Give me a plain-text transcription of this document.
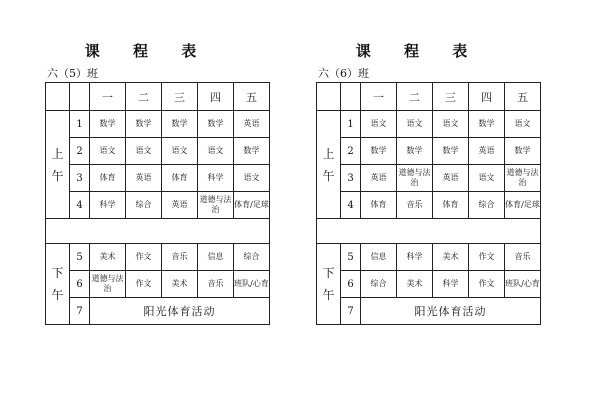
课 程 表
六（5）班
		一	二	三	四	五

上
午	1	数学	数学	数学	数学	英语
	2	语文	语文	语文	语文	数学
	3	体育	英语	体育	科学	语文
	4	科学	综合	英语	道德与法治	体育/足球

下
午	5	美术	作文	音乐	信息	综合
	6	道德与法治	作文	美术	音乐	班队/心育
	7	阳光体育活动				
课 程 表
六（6）班
		一	二	三	四	五

上
午	1	语文	语文	语文	数学	语文
	2	数学	数学	数学	英语	数学
	3	英语	道德与法治	英语	语文	道德与法治
	4	体育	音乐	体育	综合	体育/足球

下
午	5	信息	科学	美术	作文	音乐
	6	综合	美术	科学	作文	班队/心育
	7	阳光体育活动				
